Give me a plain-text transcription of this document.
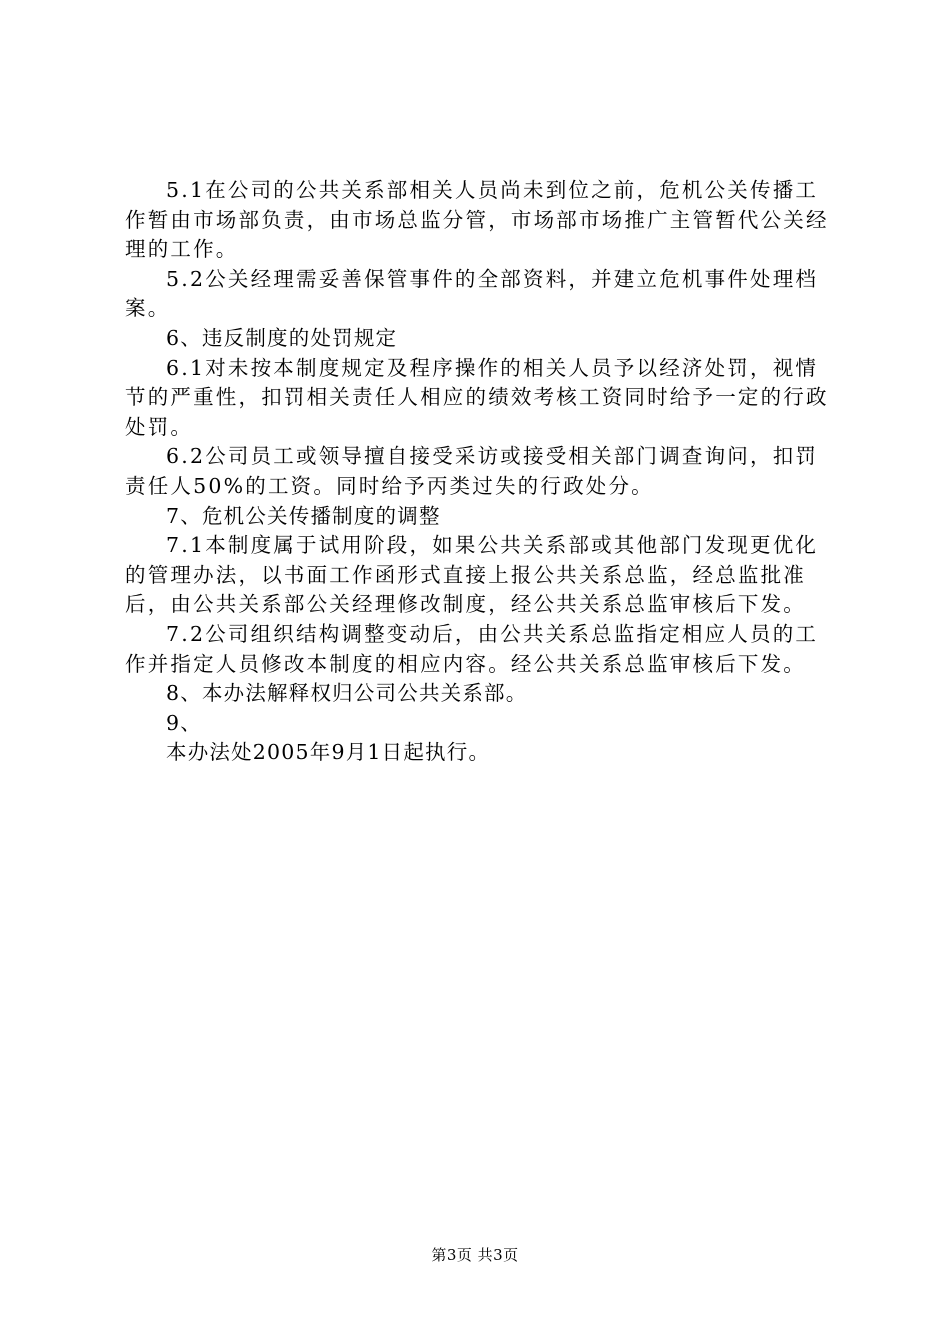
5.1在公司的公共关系部相关人员尚未到位之前，危机公关传播工作暂由市场部负责，由市场总监分管，市场部市场推广主管暂代公关经理的工作。

5.2公关经理需妥善保管事件的全部资料，并建立危机事件处理档案。

6、违反制度的处罚规定

6.1对未按本制度规定及程序操作的相关人员予以经济处罚，视情节的严重性，扣罚相关责任人相应的绩效考核工资同时给予一定的行政处罚。

6.2公司员工或领导擅自接受采访或接受相关部门调查询问，扣罚责任人50%的工资。同时给予丙类过失的行政处分。

7、危机公关传播制度的调整

7.1本制度属于试用阶段，如果公共关系部或其他部门发现更优化的管理办法，以书面工作函形式直接上报公共关系总监，经总监批准后，由公共关系部公关经理修改制度，经公共关系总监审核后下发。

7.2公司组织结构调整变动后，由公共关系总监指定相应人员的工作并指定人员修改本制度的相应内容。经公共关系总监审核后下发。

8、本办法解释权归公司公共关系部。

9、

本办法处2005年9月1日起执行。

第3页 共3页
